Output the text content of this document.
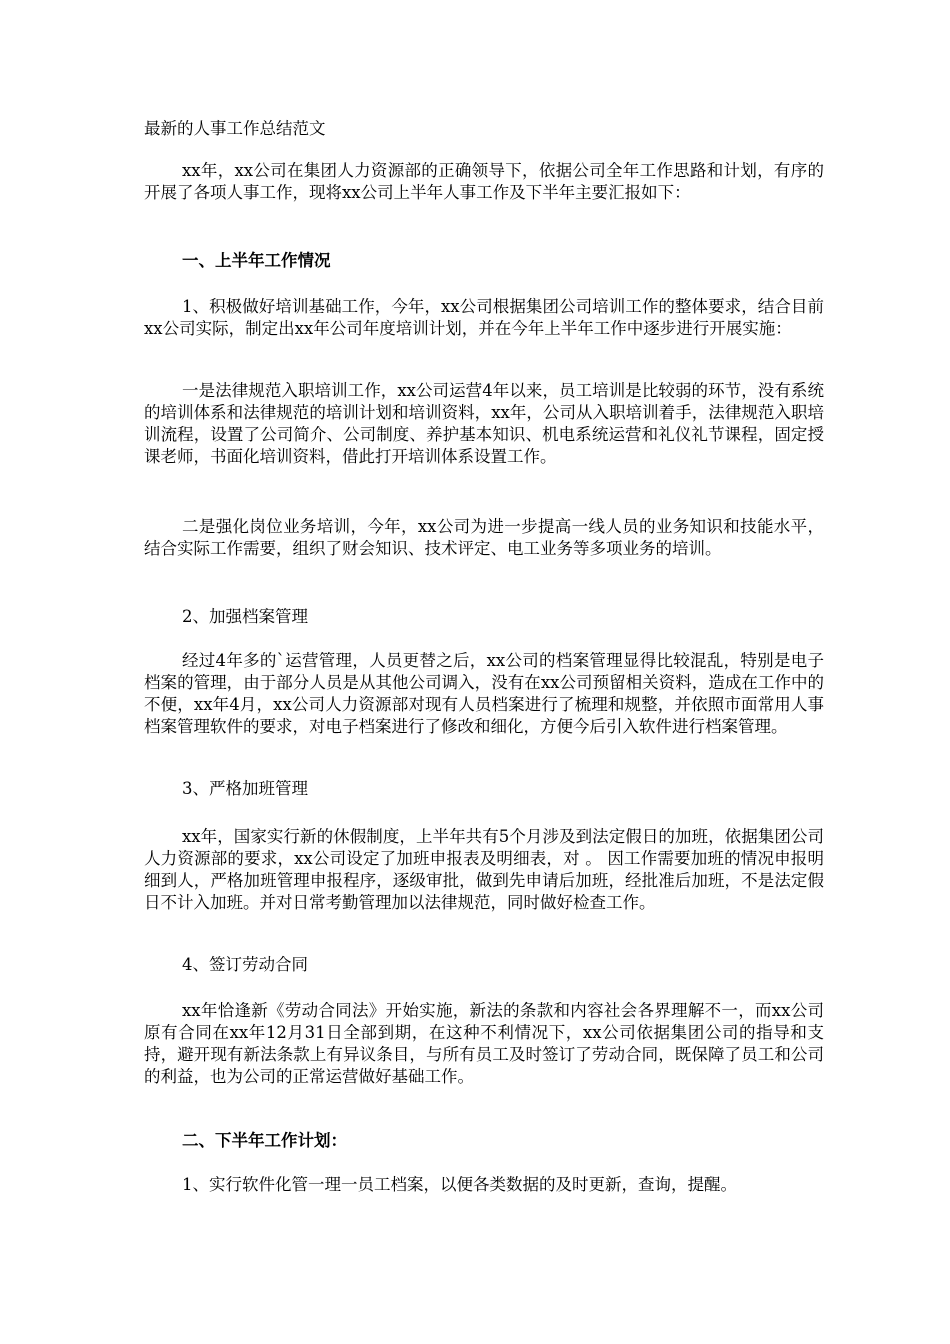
最新的人事工作总结范文
xx年，xx公司在集团人力资源部的正确领导下，依据公司全年工作思路和计划，有序的开展了各项人事工作，现将xx公司上半年人事工作及下半年主要汇报如下：
一、上半年工作情况
1、积极做好培训基础工作，今年，xx公司根据集团公司培训工作的整体要求，结合目前xx公司实际，制定出xx年公司年度培训计划，并在今年上半年工作中逐步进行开展实施：
一是法律规范入职培训工作，xx公司运营4年以来，员工培训是比较弱的环节，没有系统的培训体系和法律规范的培训计划和培训资料，xx年，公司从入职培训着手，法律规范入职培训流程，设置了公司简介、公司制度、养护基本知识、机电系统运营和礼仪礼节课程，固定授课老师，书面化培训资料，借此打开培训体系设置工作。
二是强化岗位业务培训，今年，xx公司为进一步提高一线人员的业务知识和技能水平，结合实际工作需要，组织了财会知识、技术评定、电工业务等多项业务的培训。
2、加强档案管理
经过4年多的`运营管理，人员更替之后，xx公司的档案管理显得比较混乱，特别是电子档案的管理，由于部分人员是从其他公司调入，没有在xx公司预留相关资料，造成在工作中的不便，xx年4月，xx公司人力资源部对现有人员档案进行了梳理和规整，并依照市面常用人事档案管理软件的要求，对电子档案进行了修改和细化，方便今后引入软件进行档案管理。
3、严格加班管理
xx年，国家实行新的休假制度，上半年共有5个月涉及到法定假日的加班，依据集团公司人力资源部的要求，xx公司设定了加班申报表及明细表，对 。 因工作需要加班的情况申报明细到人，严格加班管理申报程序，逐级审批，做到先申请后加班，经批准后加班，不是法定假日不计入加班。并对日常考勤管理加以法律规范，同时做好检查工作。
4、签订劳动合同
xx年恰逢新《劳动合同法》开始实施，新法的条款和内容社会各界理解不一，而xx公司原有合同在xx年12月31日全部到期，在这种不利情况下，xx公司依据集团公司的指导和支持，避开现有新法条款上有异议条目，与所有员工及时签订了劳动合同，既保障了员工和公司的利益，也为公司的正常运营做好基础工作。
二、下半年工作计划：
1、实行软件化管一理一员工档案，以便各类数据的及时更新，查询，提醒。
